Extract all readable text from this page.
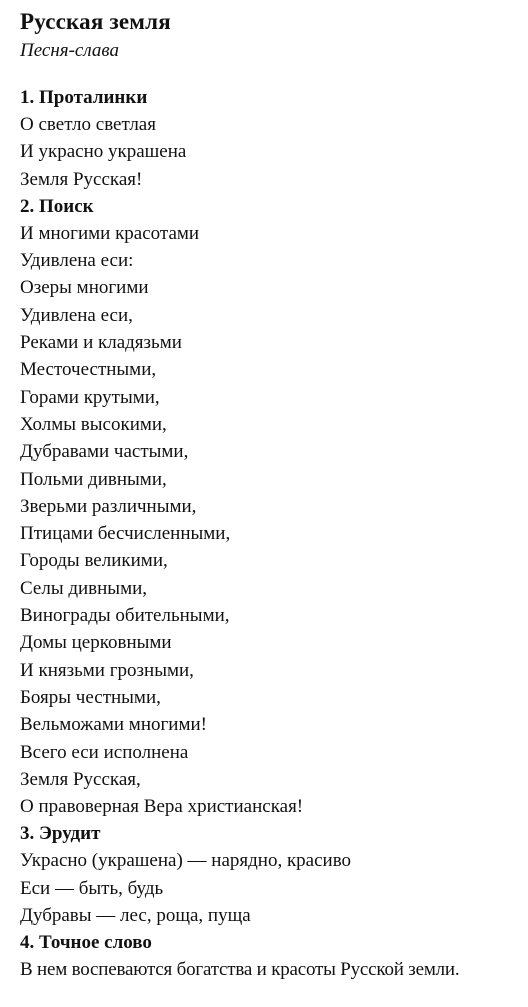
Русская земля

Песня-слава

1. Проталинки

О светло светлая

И украсно украшена

Земля Русская!

2. Поиск

И многими красотами

Удивлена еси:

Озеры многими

Удивлена еси,

Реками и кладязьми

Месточестными,

Горами крутыми,

Холмы высокими,

Дубравами частыми,

Польми дивными,

Зверьми различными,

Птицами бесчисленными,

Городы великими,

Селы дивными,

Винограды обительными,

Домы церковными

И князьми грозными,

Бояры честными,

Вельможами многими!

Всего еси исполнена

Земля Русская,

О правоверная Вера христианская!

3. Эрудит

Украсно (украшена) — нарядно, красиво

Еси — быть, будь

Дубравы — лес, роща, пуща

4. Точное слово

В нем воспеваются богатства и красоты Русской земли.
